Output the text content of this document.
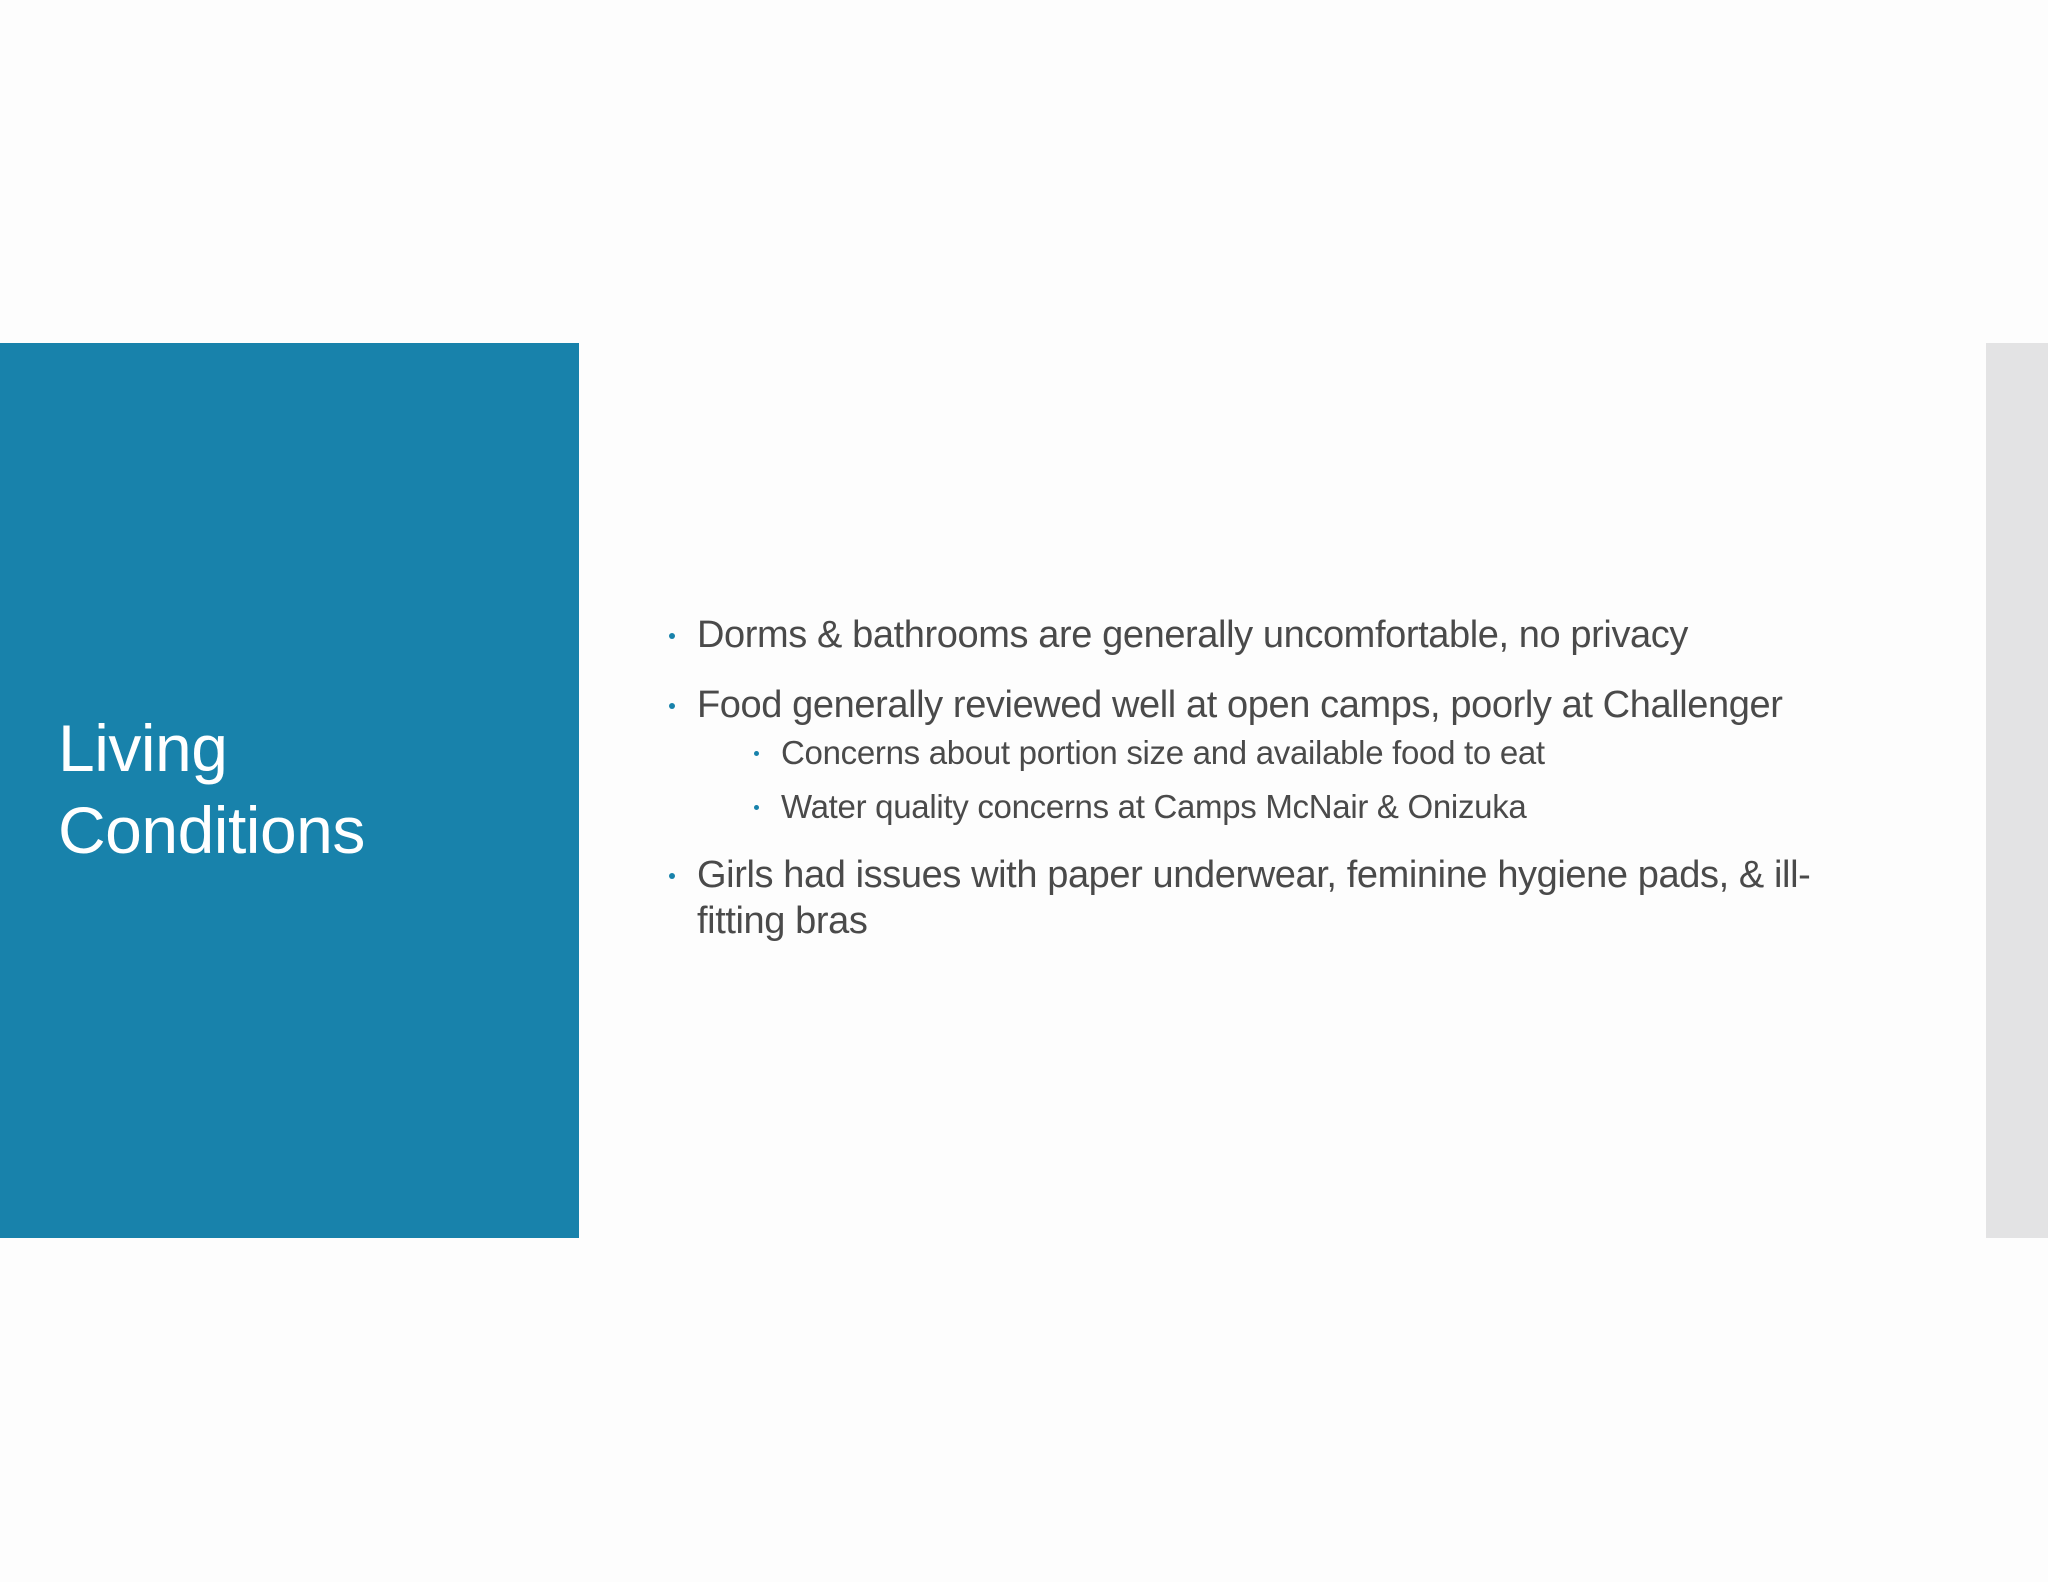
Living
Conditions
Dorms & bathrooms are generally uncomfortable, no privacy
Food generally reviewed well at open camps, poorly at Challenger
Concerns about portion size and available food to eat
Water quality concerns at Camps McNair & Onizuka
Girls had issues with paper underwear, feminine hygiene pads, & ill-fitting bras
